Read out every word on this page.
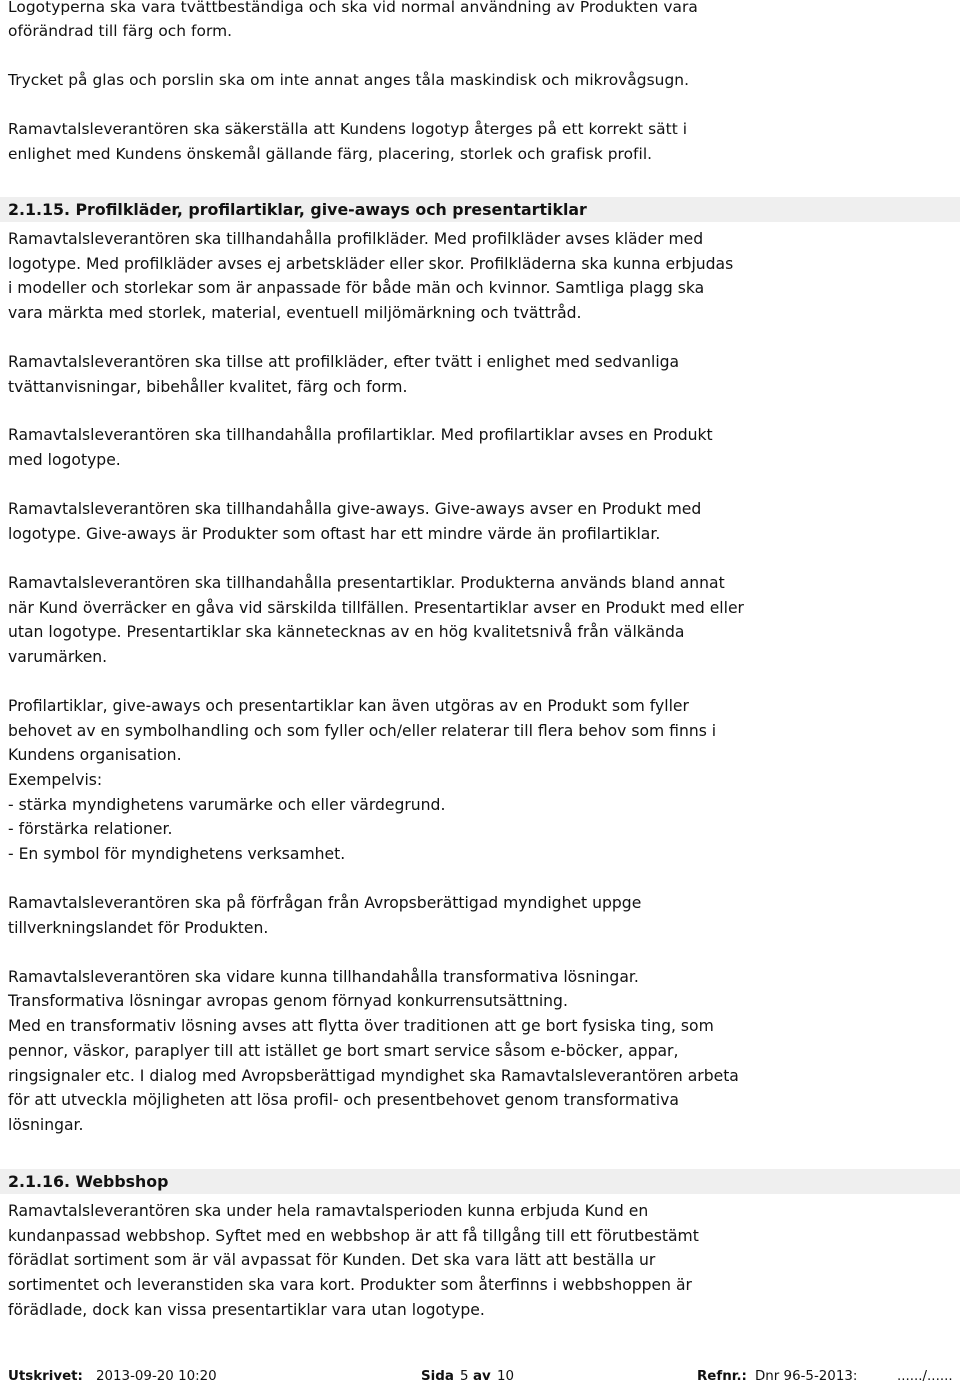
Logotyperna ska vara tvättbeständiga och ska vid normal användning av Produkten vara
oförändrad till färg och form.
Trycket på glas och porslin ska om inte annat anges tåla maskindisk och mikrovågsugn.
Ramavtalsleverantören ska säkerställa att Kundens logotyp återges på ett korrekt sätt i
enlighet med Kundens önskemål gällande färg, placering, storlek och grafisk profil.
2.1.15. Profilkläder, profilartiklar, give-aways och presentartiklar
Ramavtalsleverantören ska tillhandahålla profilkläder. Med profilkläder avses kläder med
logotype. Med profilkläder avses ej arbetskläder eller skor. Profilkläderna ska kunna erbjudas
i modeller och storlekar som är anpassade för både män och kvinnor. Samtliga plagg ska
vara märkta med storlek, material, eventuell miljömärkning och tvättråd.
Ramavtalsleverantören ska tillse att profilkläder, efter tvätt i enlighet med sedvanliga
tvättanvisningar, bibehåller kvalitet, färg och form.
Ramavtalsleverantören ska tillhandahålla profilartiklar. Med profilartiklar avses en Produkt
med logotype.
Ramavtalsleverantören ska tillhandahålla give-aways. Give-aways avser en Produkt med
logotype. Give-aways är Produkter som oftast har ett mindre värde än profilartiklar.
Ramavtalsleverantören ska tillhandahålla presentartiklar. Produkterna används bland annat
när Kund överräcker en gåva vid särskilda tillfällen. Presentartiklar avser en Produkt med eller
utan logotype. Presentartiklar ska kännetecknas av en hög kvalitetsnivå från välkända
varumärken.
Profilartiklar, give-aways och presentartiklar kan även utgöras av en Produkt som fyller
behovet av en symbolhandling och som fyller och/eller relaterar till flera behov som finns i
Kundens organisation.
Exempelvis:
- stärka myndighetens varumärke och eller värdegrund.
- förstärka relationer.
- En symbol för myndighetens verksamhet.
Ramavtalsleverantören ska på förfrågan från Avropsberättigad myndighet uppge
tillverkningslandet för Produkten.
Ramavtalsleverantören ska vidare kunna tillhandahålla transformativa lösningar.
Transformativa lösningar avropas genom förnyad konkurrensutsättning.
Med en transformativ lösning avses att flytta över traditionen att ge bort fysiska ting, som
pennor, väskor, paraplyer till att istället ge bort smart service såsom e-böcker, appar,
ringsignaler etc. I dialog med Avropsberättigad myndighet ska Ramavtalsleverantören arbeta
för att utveckla möjligheten att lösa profil- och presentbehovet genom transformativa
lösningar.
2.1.16. Webbshop
Ramavtalsleverantören ska under hela ramavtalsperioden kunna erbjuda Kund en
kundanpassad webbshop. Syftet med en webbshop är att få tillgång till ett förutbestämt
förädlat sortiment som är väl avpassat för Kunden. Det ska vara lätt att beställa ur
sortimentet och leveranstiden ska vara kort. Produkter som återfinns i webbshoppen är
förädlade, dock kan vissa presentartiklar vara utan logotype.
Utskrivet: 2013-09-20 10:20	Sida 5 av 10	Refnr.: Dnr 96-5-2013:	....../......
